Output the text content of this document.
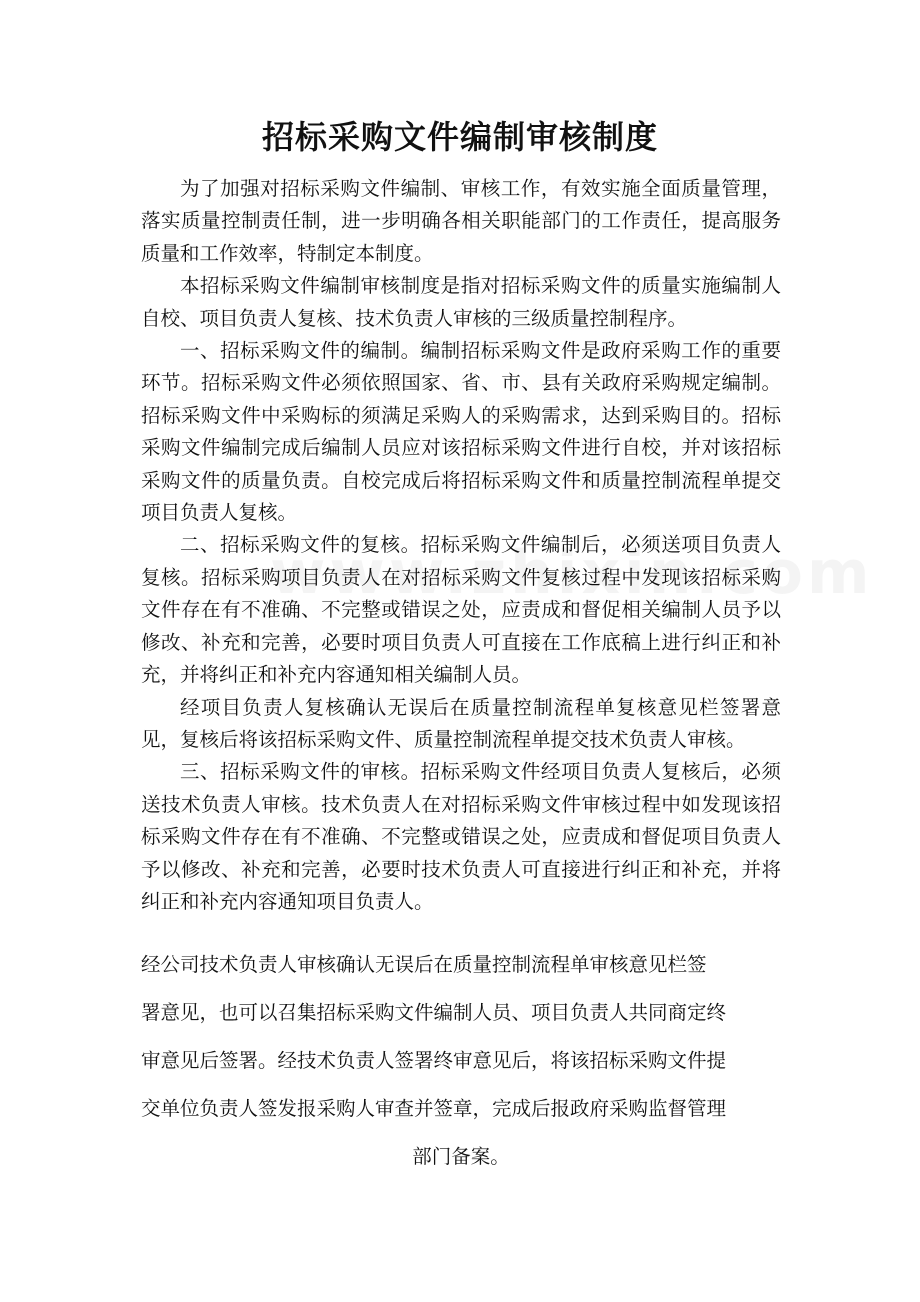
招标采购文件编制审核制度

为了加强对招标采购文件编制、审核工作，有效实施全面质量管理，落实质量控制责任制，进一步明确各相关职能部门的工作责任，提高服务质量和工作效率，特制定本制度。

本招标采购文件编制审核制度是指对招标采购文件的质量实施编制人自校、项目负责人复核、技术负责人审核的三级质量控制程序。

一、招标采购文件的编制。编制招标采购文件是政府采购工作的重要环节。招标采购文件必须依照国家、省、市、县有关政府采购规定编制。招标采购文件中采购标的须满足采购人的采购需求，达到采购目的。招标采购文件编制完成后编制人员应对该招标采购文件进行自校，并对该招标采购文件的质量负责。自校完成后将招标采购文件和质量控制流程单提交项目负责人复核。

二、招标采购文件的复核。招标采购文件编制后，必须送项目负责人复核。招标采购项目负责人在对招标采购文件复核过程中发现该招标采购文件存在有不准确、不完整或错误之处，应责成和督促相关编制人员予以修改、补充和完善，必要时项目负责人可直接在工作底稿上进行纠正和补充，并将纠正和补充内容通知相关编制人员。

经项目负责人复核确认无误后在质量控制流程单复核意见栏签署意见，复核后将该招标采购文件、质量控制流程单提交技术负责人审核。

三、招标采购文件的审核。招标采购文件经项目负责人复核后，必须送技术负责人审核。技术负责人在对招标采购文件审核过程中如发现该招标采购文件存在有不准确、不完整或错误之处，应责成和督促项目负责人予以修改、补充和完善，必要时技术负责人可直接进行纠正和补充，并将纠正和补充内容通知项目负责人。

经公司技术负责人审核确认无误后在质量控制流程单审核意见栏签

署意见，也可以召集招标采购文件编制人员、项目负责人共同商定终

审意见后签署。经技术负责人签署终审意见后，将该招标采购文件提

交单位负责人签发报采购人审查并签章，完成后报政府采购监督管理

部门备案。
